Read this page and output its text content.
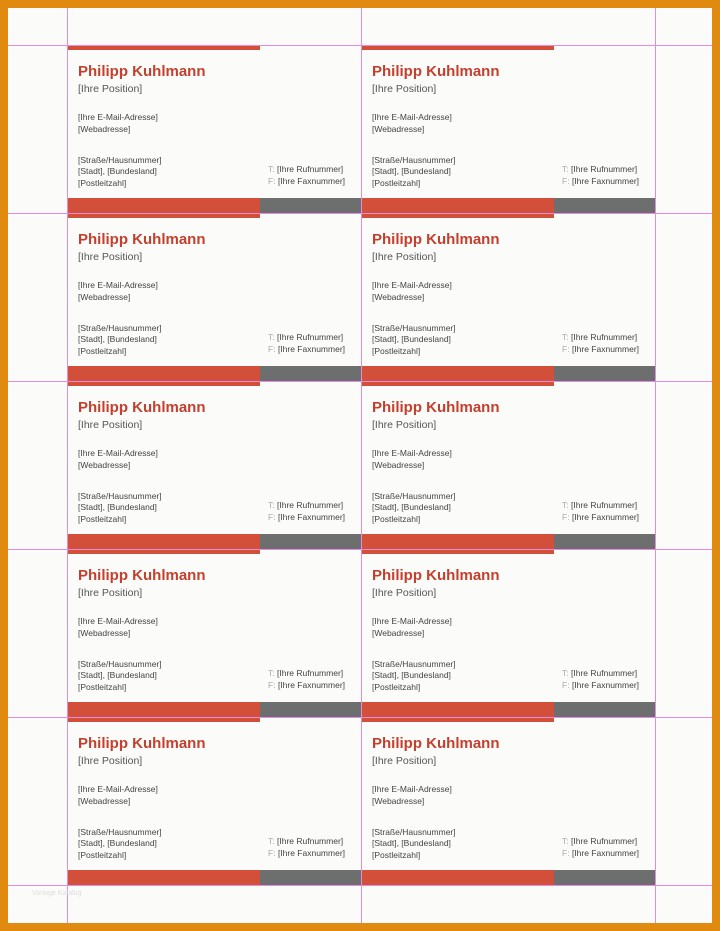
Philipp Kuhlmann
[Ihre Position]
[Ihre E-Mail-Adresse]
[Webadresse]
[Straße/Hausnummer]
[Stadt], [Bundesland]
[Postleitzahl]
T: [Ihre Rufnummer]
F: [Ihre Faxnummer]
Philipp Kuhlmann
[Ihre Position]
[Ihre E-Mail-Adresse]
[Webadresse]
[Straße/Hausnummer]
[Stadt], [Bundesland]
[Postleitzahl]
T: [Ihre Rufnummer]
F: [Ihre Faxnummer]
Philipp Kuhlmann
[Ihre Position]
[Ihre E-Mail-Adresse]
[Webadresse]
[Straße/Hausnummer]
[Stadt], [Bundesland]
[Postleitzahl]
T: [Ihre Rufnummer]
F: [Ihre Faxnummer]
Philipp Kuhlmann
[Ihre Position]
[Ihre E-Mail-Adresse]
[Webadresse]
[Straße/Hausnummer]
[Stadt], [Bundesland]
[Postleitzahl]
T: [Ihre Rufnummer]
F: [Ihre Faxnummer]
Philipp Kuhlmann
[Ihre Position]
[Ihre E-Mail-Adresse]
[Webadresse]
[Straße/Hausnummer]
[Stadt], [Bundesland]
[Postleitzahl]
T: [Ihre Rufnummer]
F: [Ihre Faxnummer]
Philipp Kuhlmann
[Ihre Position]
[Ihre E-Mail-Adresse]
[Webadresse]
[Straße/Hausnummer]
[Stadt], [Bundesland]
[Postleitzahl]
T: [Ihre Rufnummer]
F: [Ihre Faxnummer]
Philipp Kuhlmann
[Ihre Position]
[Ihre E-Mail-Adresse]
[Webadresse]
[Straße/Hausnummer]
[Stadt], [Bundesland]
[Postleitzahl]
T: [Ihre Rufnummer]
F: [Ihre Faxnummer]
Philipp Kuhlmann
[Ihre Position]
[Ihre E-Mail-Adresse]
[Webadresse]
[Straße/Hausnummer]
[Stadt], [Bundesland]
[Postleitzahl]
T: [Ihre Rufnummer]
F: [Ihre Faxnummer]
Philipp Kuhlmann
[Ihre Position]
[Ihre E-Mail-Adresse]
[Webadresse]
[Straße/Hausnummer]
[Stadt], [Bundesland]
[Postleitzahl]
T: [Ihre Rufnummer]
F: [Ihre Faxnummer]
Philipp Kuhlmann
[Ihre Position]
[Ihre E-Mail-Adresse]
[Webadresse]
[Straße/Hausnummer]
[Stadt], [Bundesland]
[Postleitzahl]
T: [Ihre Rufnummer]
F: [Ihre Faxnummer]
Vorlage Katalog
